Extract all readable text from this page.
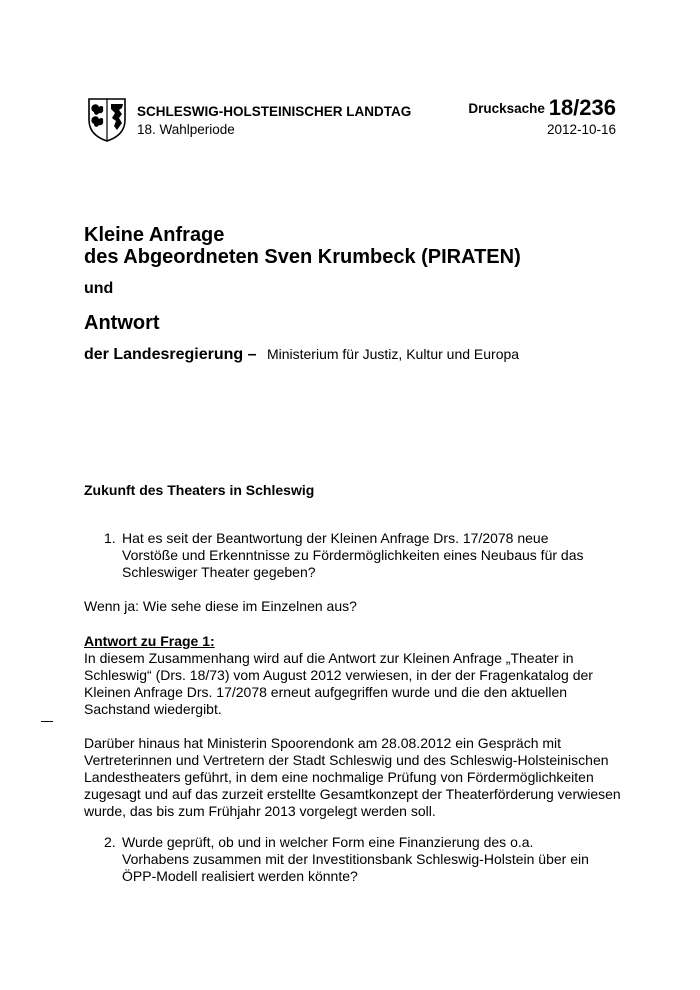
SCHLESWIG-HOLSTEINISCHER LANDTAG
18. Wahlperiode
Drucksache 18/236
2012-10-16
Kleine Anfrage
des Abgeordneten Sven Krumbeck (PIRATEN)
und
Antwort
der Landesregierung – Ministerium für Justiz, Kultur und Europa
Zukunft des Theaters in Schleswig
1. Hat es seit der Beantwortung der Kleinen Anfrage Drs. 17/2078 neue Vorstöße und Erkenntnisse zu Fördermöglichkeiten eines Neubaus für das Schleswiger Theater gegeben?
Wenn ja: Wie sehe diese im Einzelnen aus?
Antwort zu Frage 1:

In diesem Zusammenhang wird auf die Antwort zur Kleinen Anfrage „Theater in Schleswig“ (Drs. 18/73) vom August 2012 verwiesen, in der der Fragenkatalog der Kleinen Anfrage Drs. 17/2078 erneut aufgegriffen wurde und die den aktuellen Sachstand wiedergibt.

Darüber hinaus hat Ministerin Spoorendonk am 28.08.2012 ein Gespräch mit Vertreterinnen und Vertretern der Stadt Schleswig und des Schleswig-Holsteinischen Landestheaters geführt, in dem eine nochmalige Prüfung von Fördermöglichkeiten zugesagt und auf das zurzeit erstellte Gesamtkonzept der Theaterförderung verwiesen wurde, das bis zum Frühjahr 2013 vorgelegt werden soll.

2. Wurde geprüft, ob und in welcher Form eine Finanzierung des o.a. Vorhabens zusammen mit der Investitionsbank Schleswig-Holstein über ein ÖPP-Modell realisiert werden könnte?
